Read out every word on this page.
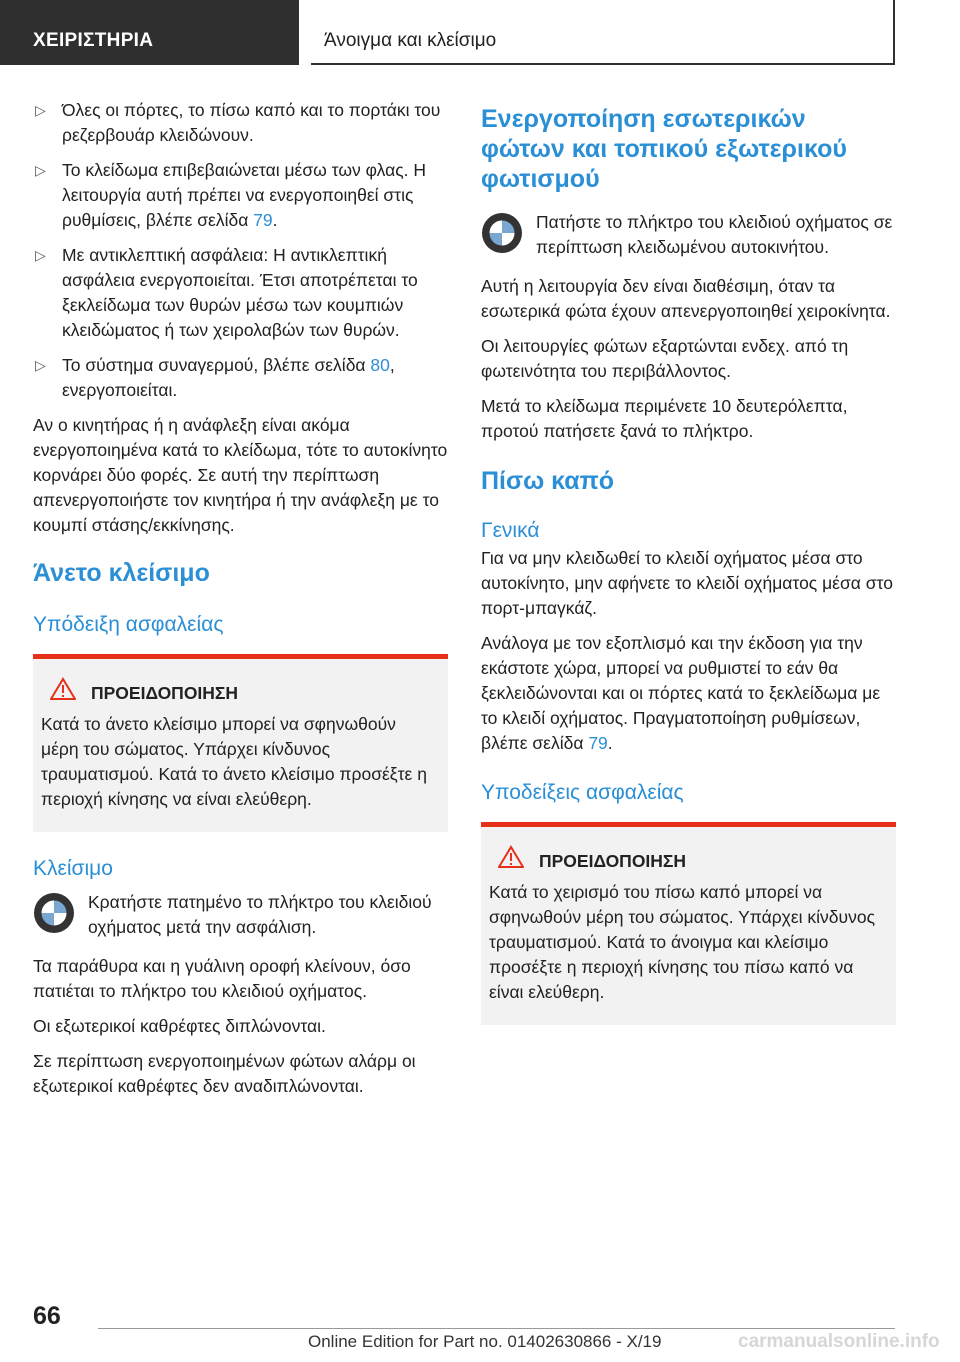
ΧΕΙΡΙΣΤΗΡΙΑ	Άνοιγμα και κλείσιμο
▷ Όλες οι πόρτες, το πίσω καπό και το πορτάκι του ρεζερβουάρ κλειδώνουν.
▷ Το κλείδωμα επιβεβαιώνεται μέσω των φλας. Η λειτουργία αυτή πρέπει να ενεργοποιηθεί στις ρυθμίσεις, βλέπε σελίδα 79.
▷ Με αντικλεπτική ασφάλεια: Η αντικλεπτική ασφάλεια ενεργοποιείται. Έτσι αποτρέπεται το ξεκλείδωμα των θυρών μέσω των κουμπιών κλειδώματος ή των χειρολαβών των θυρών.
▷ Το σύστημα συναγερμού, βλέπε σελίδα 80, ενεργοποιείται.

Αν ο κινητήρας ή η ανάφλεξη είναι ακόμα ενεργοποιημένα κατά το κλείδωμα, τότε το αυτοκίνητο κορνάρει δύο φορές. Σε αυτή την περίπτωση απενεργοποιήστε τον κινητήρα ή την ανάφλεξη με το κουμπί στάσης/εκκίνησης.

Άνετο κλείσιμο
Υπόδειξη ασφαλείας
ΠΡΟΕΙΔΟΠΟΙΗΣΗ
Κατά το άνετο κλείσιμο μπορεί να σφηνωθούν μέρη του σώματος. Υπάρχει κίνδυνος τραυματισμού. Κατά το άνετο κλείσιμο προσέξτε η περιοχή κίνησης να είναι ελεύθερη.
Κλείσιμο
Κρατήστε πατημένο το πλήκτρο του κλειδιού οχήματος μετά την ασφάλιση.

Τα παράθυρα και η γυάλινη οροφή κλείνουν, όσο πατιέται το πλήκτρο του κλειδιού οχήματος.

Οι εξωτερικοί καθρέφτες διπλώνονται.

Σε περίπτωση ενεργοποιημένων φώτων αλάρμ οι εξωτερικοί καθρέφτες δεν αναδιπλώνονται.

Ενεργοποίηση εσωτερικών φώτων και τοπικού εξωτερικού φωτισμού
Πατήστε το πλήκτρο του κλειδιού οχήματος σε περίπτωση κλειδωμένου αυτοκινήτου.

Αυτή η λειτουργία δεν είναι διαθέσιμη, όταν τα εσωτερικά φώτα έχουν απενεργοποιηθεί χειροκίνητα.

Οι λειτουργίες φώτων εξαρτώνται ενδεχ. από τη φωτεινότητα του περιβάλλοντος.

Μετά το κλείδωμα περιμένετε 10 δευτερόλεπτα, προτού πατήσετε ξανά το πλήκτρο.

Πίσω καπό
Γενικά

Για να μην κλειδωθεί το κλειδί οχήματος μέσα στο αυτοκίνητο, μην αφήνετε το κλειδί οχήματος μέσα στο πορτ-μπαγκάζ.

Ανάλογα με τον εξοπλισμό και την έκδοση για την εκάστοτε χώρα, μπορεί να ρυθμιστεί το εάν θα ξεκλειδώνονται και οι πόρτες κατά το ξεκλείδωμα με το κλειδί οχήματος. Πραγματοποίηση ρυθμίσεων, βλέπε σελίδα 79.

Υποδείξεις ασφαλείας
ΠΡΟΕΙΔΟΠΟΙΗΣΗ
Κατά το χειρισμό του πίσω καπό μπορεί να σφηνωθούν μέρη του σώματος. Υπάρχει κίνδυνος τραυματισμού. Κατά το άνοιγμα και κλείσιμο προσέξτε η περιοχή κίνησης του πίσω καπό να είναι ελεύθερη.
66
Online Edition for Part no. 01402630866 - X/19	carmanualsonline.info
